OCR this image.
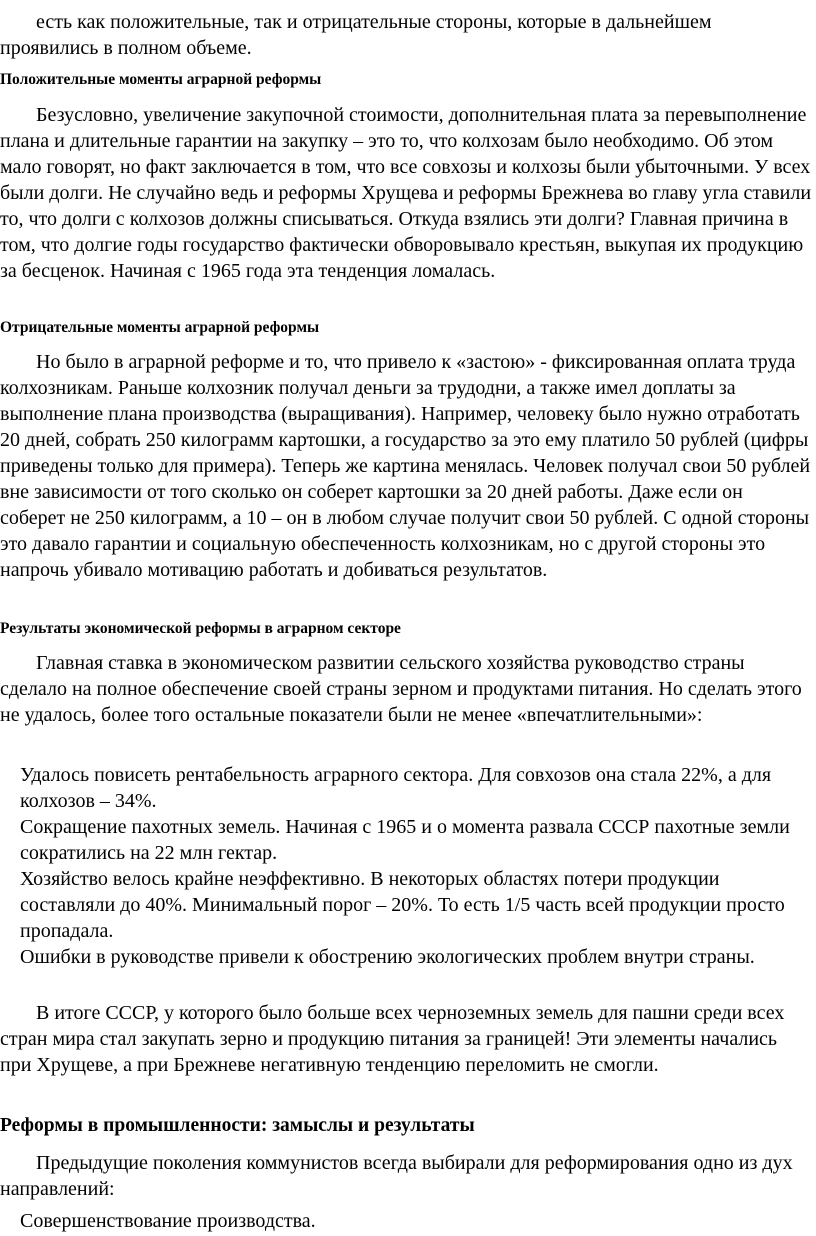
есть как положительные, так и отрицательные стороны, которые в дальнейшем проявились в полном объеме.

Положительные моменты аграрной реформы

Безусловно, увеличение закупочной стоимости, дополнительная плата за перевыполнение плана и длительные гарантии на закупку – это то, что колхозам было необходимо. Об этом мало говорят, но факт заключается в том, что все совхозы и колхозы были убыточными. У всех были долги. Не случайно ведь и реформы Хрущева и реформы Брежнева во главу угла ставили то, что долги с колхозов должны списываться. Откуда взялись эти долги? Главная причина в том, что долгие годы государство фактически обворовывало крестьян, выкупая их продукцию за бесценок. Начиная с 1965 года эта тенденция ломалась.

Отрицательные моменты аграрной реформы

Но было в аграрной реформе и то, что привело к «застою» - фиксированная оплата труда колхозникам. Раньше колхозник получал деньги за трудодни, а также имел доплаты за выполнение плана производства (выращивания). Например, человеку было нужно отработать 20 дней, собрать 250 килограмм картошки, а государство за это ему платило 50 рублей (цифры приведены только для примера). Теперь же картина менялась. Человек получал свои 50 рублей вне зависимости от того сколько он соберет картошки за 20 дней работы. Даже если он соберет не 250 килограмм, а 10 – он в любом случае получит свои 50 рублей. С одной стороны это давало гарантии и социальную обеспеченность колхозникам, но с другой стороны это напрочь убивало мотивацию работать и добиваться результатов.

Результаты экономической реформы в аграрном секторе

Главная ставка в экономическом развитии сельского хозяйства руководство страны сделало на полное обеспечение своей страны зерном и продуктами питания. Но сделать этого не удалось, более того остальные показатели были не менее «впечатлительными»:

Удалось повисеть рентабельность аграрного сектора. Для совхозов она стала 22%, а для колхозов – 34%.
Сокращение пахотных земель. Начиная с 1965 и о момента развала СССР пахотные земли сократились на 22 млн гектар.
Хозяйство велось крайне неэффективно. В некоторых областях потери продукции составляли до 40%. Минимальный порог – 20%. То есть 1/5 часть всей продукции просто пропадала.
Ошибки в руководстве привели к обострению экологических проблем внутри страны.

В итоге СССР, у которого было больше всех черноземных земель для пашни среди всех стран мира стал закупать зерно и продукцию питания за границей! Эти элементы начались при Хрущеве, а при Брежневе негативную тенденцию переломить не смогли.

Реформы в промышленности: замыслы и результаты

Предыдущие поколения коммунистов всегда выбирали для реформирования одно из дух направлений:

Совершенствование производства.
